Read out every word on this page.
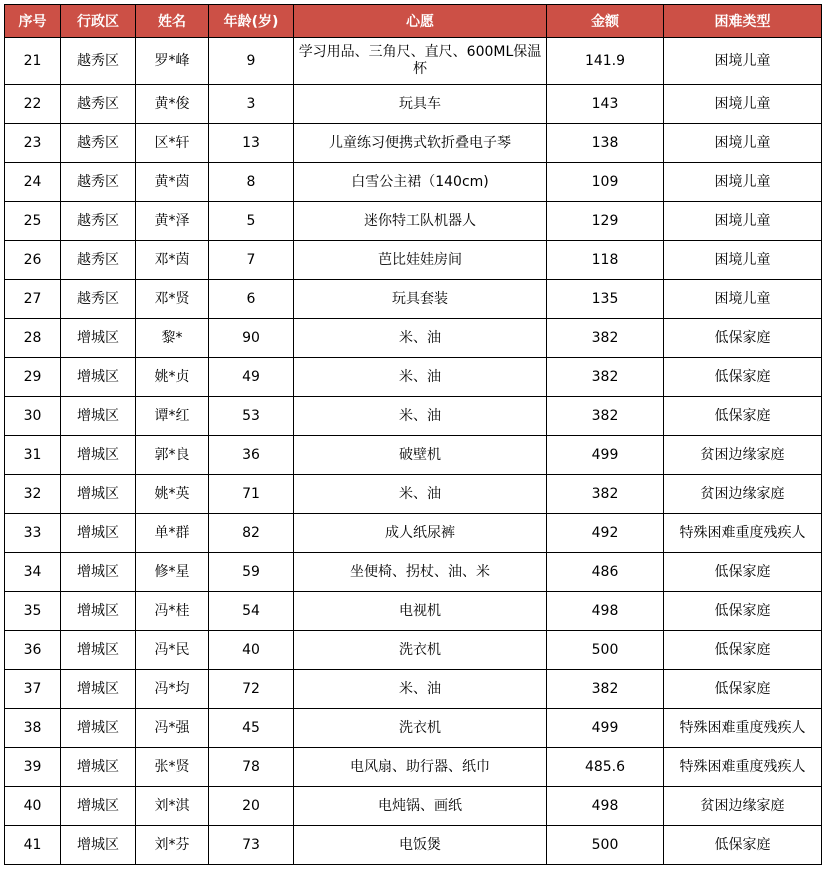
序号	行政区	姓名	年龄(岁)	心愿	金额	困难类型
21	越秀区	罗*峰	9	学习用品、三角尺、直尺、600ML保温杯	141.9	困境儿童
22	越秀区	黄*俊	3	玩具车	143	困境儿童
23	越秀区	区*轩	13	儿童练习便携式软折叠电子琴	138	困境儿童
24	越秀区	黄*茵	8	白雪公主裙（140cm)	109	困境儿童
25	越秀区	黄*泽	5	迷你特工队机器人	129	困境儿童
26	越秀区	邓*茵	7	芭比娃娃房间	118	困境儿童
27	越秀区	邓*贤	6	玩具套装	135	困境儿童
28	增城区	黎*	90	米、油	382	低保家庭
29	增城区	姚*贞	49	米、油	382	低保家庭
30	增城区	谭*红	53	米、油	382	低保家庭
31	增城区	郭*良	36	破壁机	499	贫困边缘家庭
32	增城区	姚*英	71	米、油	382	贫困边缘家庭
33	增城区	单*群	82	成人纸尿裤	492	特殊困难重度残疾人
34	增城区	修*星	59	坐便椅、拐杖、油、米	486	低保家庭
35	增城区	冯*桂	54	电视机	498	低保家庭
36	增城区	冯*民	40	洗衣机	500	低保家庭
37	增城区	冯*均	72	米、油	382	低保家庭
38	增城区	冯*强	45	洗衣机	499	特殊困难重度残疾人
39	增城区	张*贤	78	电风扇、助行器、纸巾	485.6	特殊困难重度残疾人
40	增城区	刘*淇	20	电炖锅、画纸	498	贫困边缘家庭
41	增城区	刘*芬	73	电饭煲	500	低保家庭
